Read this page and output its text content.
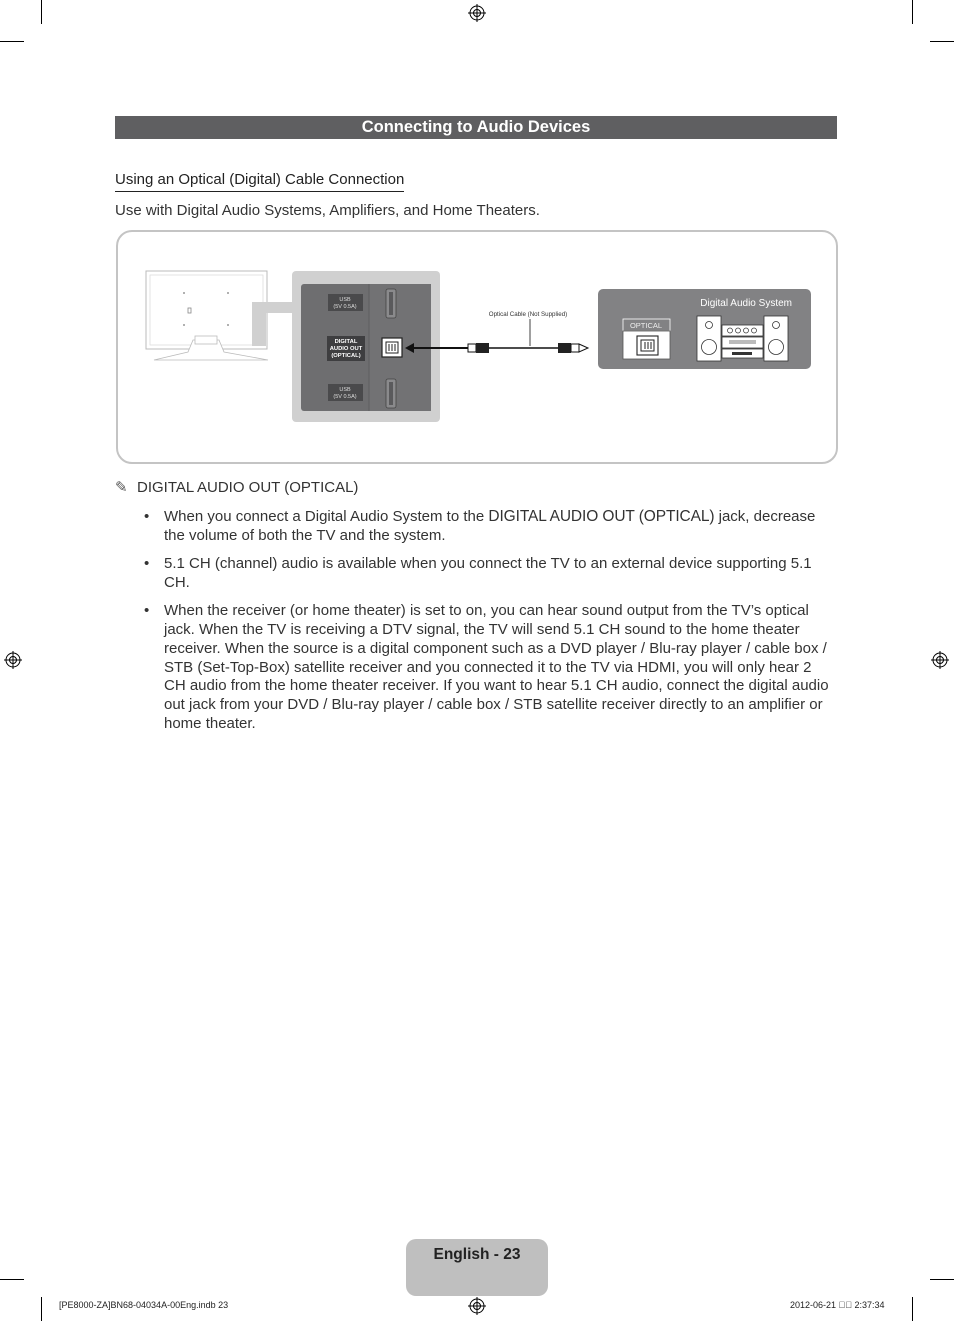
Connecting to Audio Devices
Using an Optical (Digital) Cable Connection
Use with Digital Audio Systems, Amplifiers, and Home Theaters.
USB
(5V 0.5A)
DIGITAL
AUDIO OUT
(OPTICAL)
USB
(5V 0.5A)
Optical Cable (Not Supplied)
Digital Audio System
OPTICAL
✎ DIGITAL AUDIO OUT (OPTICAL)
• When you connect a Digital Audio System to the DIGITAL AUDIO OUT (OPTICAL) jack, decrease the volume of both the TV and the system.
• 5.1 CH (channel) audio is available when you connect the TV to an external device supporting 5.1 CH.
• When the receiver (or home theater) is set to on, you can hear sound output from the TV’s optical jack. When the TV is receiving a DTV signal, the TV will send 5.1 CH sound to the home theater receiver. When the source is a digital component such as a DVD player / Blu-ray player / cable box / STB (Set-Top-Box) satellite receiver and you connected it to the TV via HDMI, you will only hear 2 CH audio from the home theater receiver. If you want to hear 5.1 CH audio, connect the digital audio out jack from your DVD / Blu-ray player / cable box / STB satellite receiver directly to an amplifier or home theater.
English - 23
[PE8000-ZA]BN68-04034A-00Eng.indb 23	2012-06-21 ￿￿ 2:37:34
